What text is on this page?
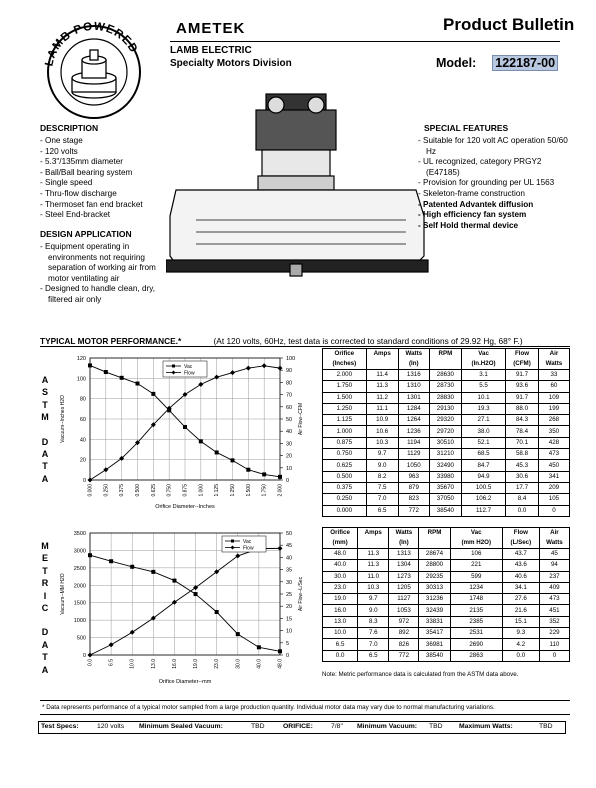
LAMB POWERED
AMETEK	Product Bulletin
LAMB ELECTRIC
Specialty Motors Division	Model: 122187-00
DESCRIPTION
- One stage
- 120 volts
- 5.3"/135mm diameter
- Ball/Ball bearing system
- Single speed
- Thru-flow discharge
- Thermoset fan end bracket
- Steel End-bracket
DESIGN APPLICATION
- Equipment operating in environments not requiring separation of working air from motor ventilating air
- Designed to handle clean, dry, filtered air only
SPECIAL FEATURES
- Suitable for 120 volt AC operation 50/60 Hz
- UL recognized, category PRGY2 (E47185)
- Provision for grounding per UL 1563
- Skeleton-frame construction
- Patented Advantek diffusion
- High efficiency fan system
- Self Hold thermal device
TYPICAL MOTOR PERFORMANCE.*	(At 120 volts, 60Hz, test data is corrected to standard conditions of 29.92 Hg, 68° F.)
A
S
T
M
D
A
T
A
M
E
T
R
I
C
D
A
T
A
0
20
40
60
80
100
120
0
10
20
30
40
50
60
70
80
90
100
0.000 0.250 0.375 0.500 0.625 0.750 0.875 1.000 1.125 1.250 1.500 1.750 2.000
Vac
Flow
Orifice Diameter--Inches
Vacuum--Inches H2O	Air Flow--CFM
0
500
1000
1500
2000
2500
3000
3500
0
5
10
15
20
25
30
35
40
45
50
0.0	6.5	10.0	13.0	16.0	19.0	23.0	30.0	40.0	48.0
Vac
Flow
Orifice Diameter--mm
Vacuum--MM H2O	Air Flow--L/Sec
Orifice	Amps	Watts	RPM	Vac	Flow	Air
(Inches)		(In)		(In.H2O)	(CFM)	Watts
2.000	11.4	1316	28630	3.1	91.7	33
1.750	11.3	1310	28730	5.5	93.6	60
1.500	11.2	1301	28830	10.1	91.7	109
1.250	11.1	1284	29130	19.3	88.0	199
1.125	10.9	1264	29320	27.1	84.3	268
1.000	10.6	1236	29720	38.0	78.4	350
0.875	10.3	1194	30510	52.1	70.1	428
0.750	9.7	1129	31210	68.5	58.8	473
0.625	9.0	1050	32490	84.7	45.3	450
0.500	8.2	963	33980	94.9	30.6	341
0.375	7.5	879	35670	100.5	17.7	209
0.250	7.0	823	37050	106.2	8.4	105
0.000	6.5	772	38540	112.7	0.0	0
Orifice	Amps	Watts	RPM	Vac	Flow	Air
(mm)		(In)		(mm H2O)	(L/Sec)	Watts
48.0	11.3	1313	28674	106	43.7	45
40.0	11.3	1304	28800	221	43.6	94
30.0	11.0	1273	29235	599	40.6	237
23.0	10.3	1205	30313	1234	34.1	409
19.0	9.7	1127	31236	1748	27.6	473
16.0	9.0	1053	32439	2135	21.6	451
13.0	8.3	972	33831	2385	15.1	352
10.0	7.6	892	35417	2531	9.3	229
6.5	7.0	826	36981	2690	4.2	110
0.0	6.5	772	38540	2863	0.0	0
Note: Metric performance data is calculated from the ASTM data above.
* Data represents performance of a typical motor sampled from a large production quantity. Individual motor data may vary due to normal manufacturing variations.
Test Specs:	120 volts Minimum Sealed Vacuum:	TBD	ORIFICE:	7/8" Minimum Vacuum: TBD Maximum Watts:	TBD
